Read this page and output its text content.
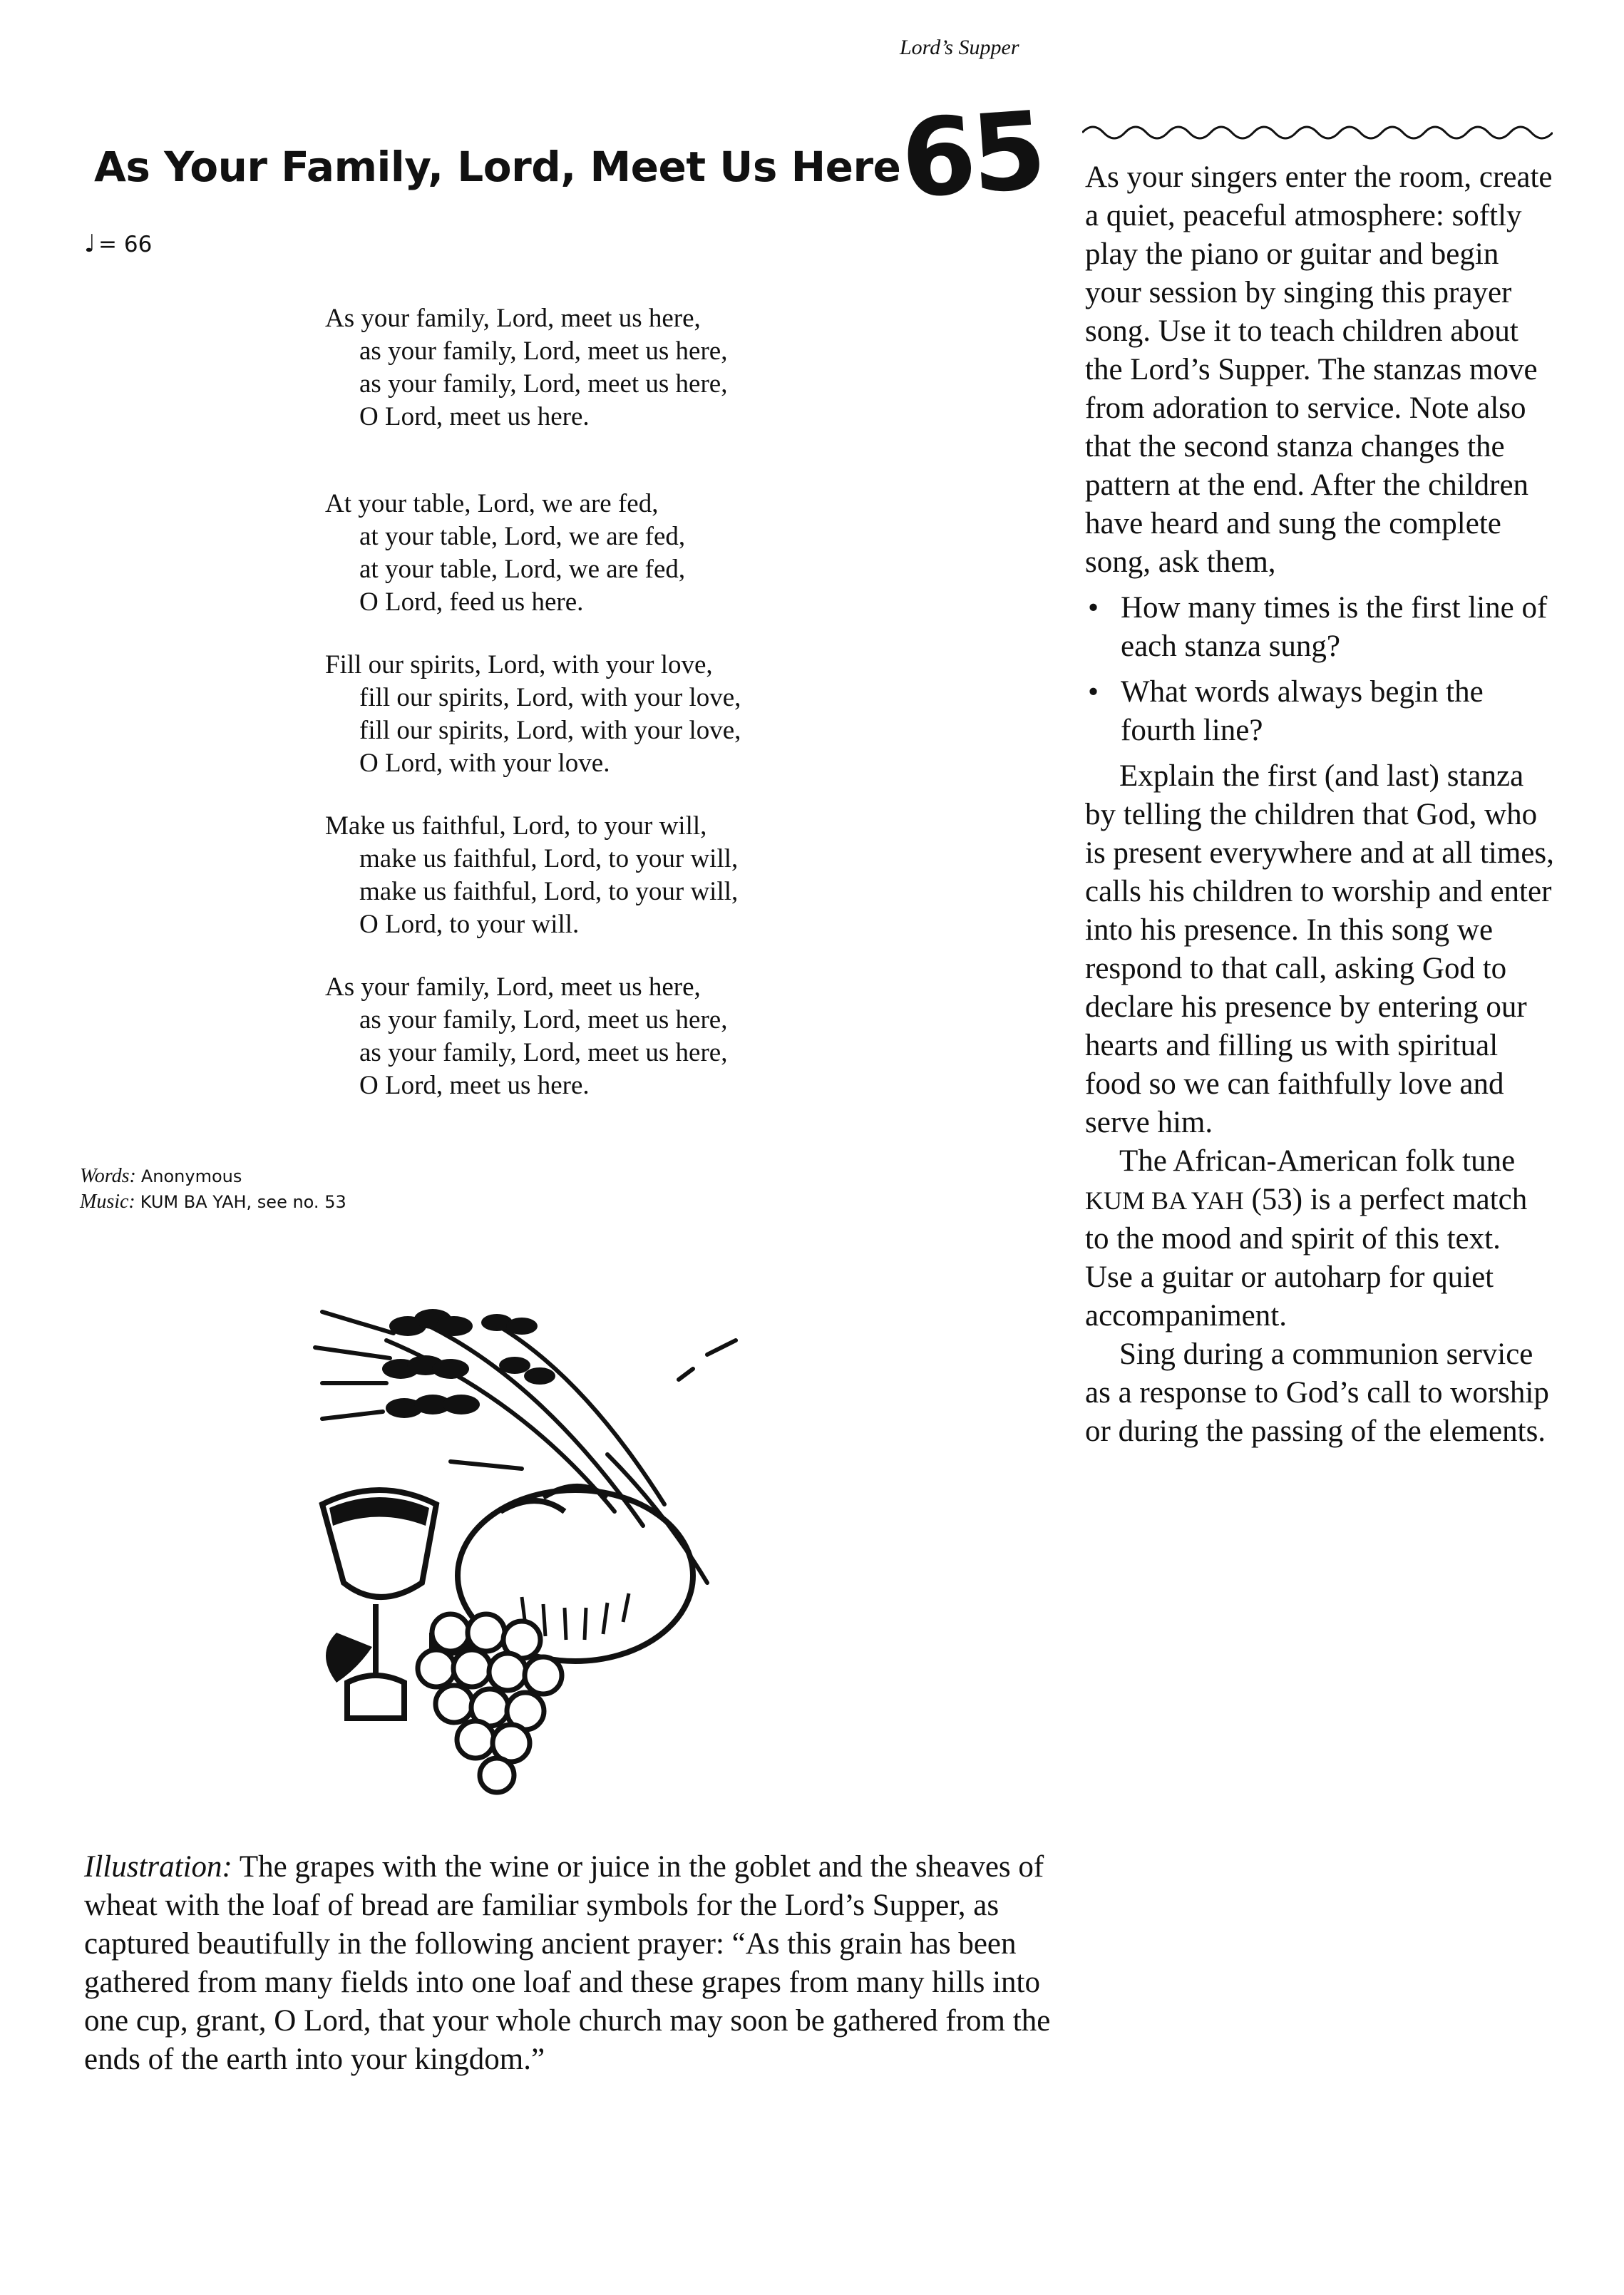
Lord’s Supper
As Your Family, Lord, Meet Us Here
65
♩ = 66
As your family, Lord, meet us here,
as your family, Lord, meet us here,
as your family, Lord, meet us here,
O Lord, meet us here.
At your table, Lord, we are fed,
at your table, Lord, we are fed,
at your table, Lord, we are fed,
O Lord, feed us here.
Fill our spirits, Lord, with your love,
fill our spirits, Lord, with your love,
fill our spirits, Lord, with your love,
O Lord, with your love.
Make us faithful, Lord, to your will,
make us faithful, Lord, to your will,
make us faithful, Lord, to your will,
O Lord, to your will.
As your family, Lord, meet us here,
as your family, Lord, meet us here,
as your family, Lord, meet us here,
O Lord, meet us here.
Words: Anonymous
Music: KUM BA YAH, see no. 53

As your singers enter the room, create a quiet, peaceful atmosphere: softly play the piano or guitar and begin your session by singing this prayer song. Use it to teach children about the Lord’s Supper. The stanzas move from adoration to service. Note also that the second stanza changes the pattern at the end. After the children have heard and sung the complete song, ask them,

• How many times is the first line of each stanza sung?
• What words always begin the fourth line?

Explain the first (and last) stanza by telling the children that God, who is present everywhere and at all times, calls his children to worship and enter into his presence. In this song we respond to that call, asking God to declare his presence by entering our hearts and filling us with spiritual food so we can faithfully love and serve him.

The African-American folk tune KUM BA YAH (53) is a perfect match to the mood and spirit of this text. Use a guitar or autoharp for quiet accompaniment.

Sing during a communion service as a response to God’s call to worship or during the passing of the elements.

Illustration: The grapes with the wine or juice in the goblet and the sheaves of wheat with the loaf of bread are familiar symbols for the Lord’s Supper, as captured beautifully in the following ancient prayer: “As this grain has been gathered from many fields into one loaf and these grapes from many hills into one cup, grant, O Lord, that your whole church may soon be gathered from the ends of the earth into your kingdom.”
